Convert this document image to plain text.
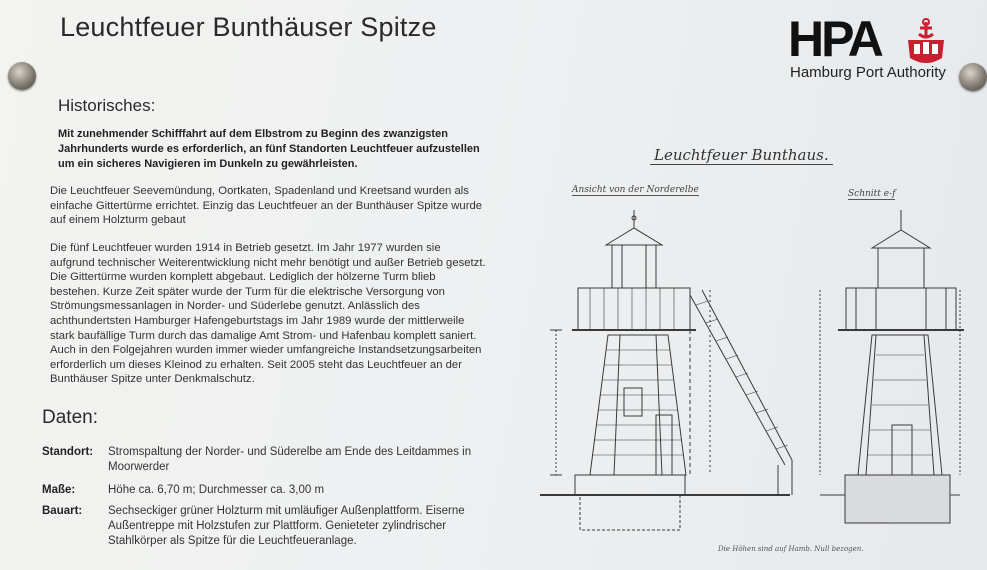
Leuchtfeuer Bunthäuser Spitze	HPA
Hamburg Port Authority
Historisches:
Mit zunehmender Schifffahrt auf dem Elbstrom zu Beginn des zwanzigsten Jahrhunderts wurde es erforderlich, an fünf Standorten Leuchtfeuer aufzustellen um ein sicheres Navigieren im Dunkeln zu gewährleisten.
Die Leuchtfeuer Seevemündung, Oortkaten, Spadenland und Kreetsand wurden als einfache Gittertürme errichtet. Einzig das Leuchtfeuer an der Bunthäuser Spitze wurde auf einem Holzturm gebaut
Die fünf Leuchtfeuer wurden 1914 in Betrieb gesetzt. Im Jahr 1977 wurden sie aufgrund technischer Weiterentwicklung nicht mehr benötigt und außer Betrieb gesetzt. Die Gittertürme wurden komplett abgebaut. Lediglich der hölzerne Turm blieb bestehen. Kurze Zeit später wurde der Turm für die elektrische Versorgung von Strömungsmessanlagen in Norder- und Süderlebe genutzt. Anlässlich des achthundertsten Hamburger Hafengeburtstags im Jahr 1989 wurde der mittlerweile stark baufällige Turm durch das damalige Amt Strom- und Hafenbau komplett saniert. Auch in den Folgejahren wurden immer wieder umfangreiche Instandsetzungsarbeiten erforderlich um dieses Kleinod zu erhalten. Seit 2005 steht das Leuchtfeuer an der Bunthäuser Spitze unter Denkmalschutz.
Daten:
Standort:	Stromspaltung der Norder- und Süderelbe am Ende des Leitdammes in Moorwerder
Maße:	Höhe ca. 6,70 m; Durchmesser ca. 3,00 m
Bauart:	Sechseckiger grüner Holzturm mit umläufiger Außenplattform. Eiserne Außentreppe mit Holzstufen zur Plattform. Genieteter zylindrischer Stahlkörper als Spitze für die Leuchtfeueranlage.
Leuchtfeuer Bunthaus.
Ansicht von der Norderelbe	Schnitt e-f
Die Höhen sind auf Hamb. Null bezogen.
